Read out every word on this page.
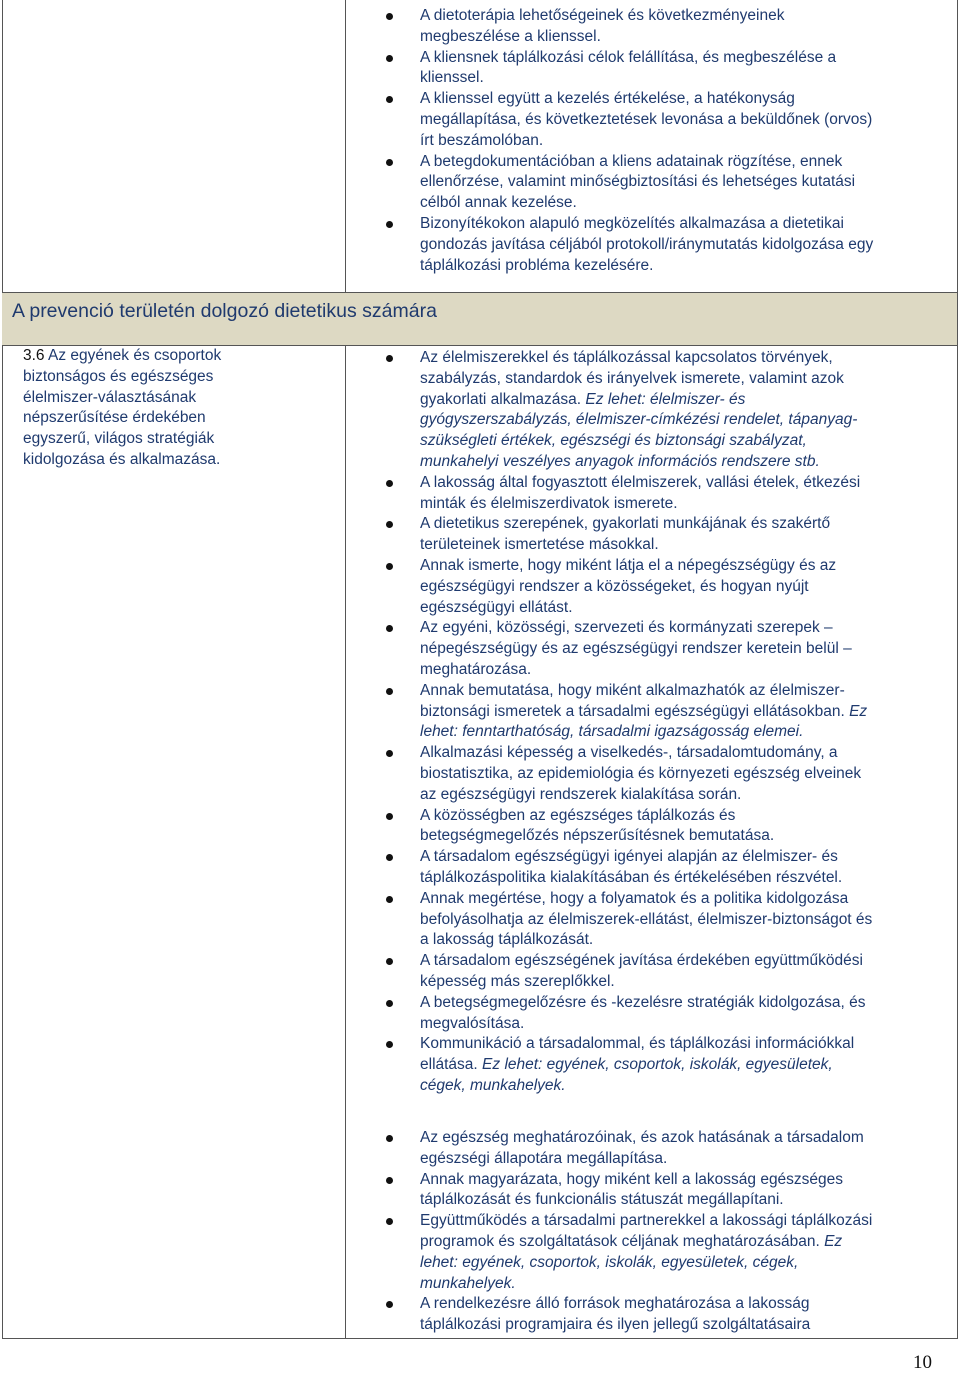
A dietoterápia lehetőségeinek és következményeinek
megbeszélése a klienssel.
A kliensnek táplálkozási célok felállítása, és megbeszélése a
klienssel.
A klienssel együtt a kezelés értékelése, a hatékonyság
megállapítása, és következtetések levonása a beküldőnek (orvos)
írt beszámolóban.
A betegdokumentációban a kliens adatainak rögzítése, ennek
ellenőrzése, valamint minőségbiztosítási és lehetséges kutatási
célból annak kezelése.
Bizonyítékokon alapuló megközelítés alkalmazása a dietetikai
gondozás javítása céljából protokoll/iránymutatás kidolgozása egy
táplálkozási probléma kezelésére.
A prevenció területén dolgozó dietetikus számára
3.6 Az egyének és csoportok
biztonságos és egészséges
élelmiszer-választásának
népszerűsítése érdekében
egyszerű, világos stratégiák
kidolgozása és alkalmazása.
Az élelmiszerekkel és táplálkozással kapcsolatos törvények,
szabályzás, standardok és irányelvek ismerete, valamint azok
gyakorlati alkalmazása. Ez lehet: élelmiszer- és
gyógyszerszabályzás, élelmiszer-címkézési rendelet, tápanyag-
szükségleti értékek, egészségi és biztonsági szabályzat,
munkahelyi veszélyes anyagok információs rendszere stb.
A lakosság által fogyasztott élelmiszerek, vallási ételek, étkezési
minták és élelmiszerdivatok ismerete.
A dietetikus szerepének, gyakorlati munkájának és szakértő
területeinek ismertetése másokkal.
Annak ismerte, hogy miként látja el a népegészségügy és az
egészségügyi rendszer a közösségeket, és hogyan nyújt
egészségügyi ellátást.
Az egyéni, közösségi, szervezeti és kormányzati szerepek –
népegészségügy és az egészségügyi rendszer keretein belül –
meghatározása.
Annak bemutatása, hogy miként alkalmazhatók az élelmiszer-
biztonsági ismeretek a társadalmi egészségügyi ellátásokban. Ez
lehet: fenntarthatóság, társadalmi igazságosság elemei.
Alkalmazási képesség a viselkedés-, társadalomtudomány, a
biostatisztika, az epidemiológia és környezeti egészség elveinek
az egészségügyi rendszerek kialakítása során.
A közösségben az egészséges táplálkozás és
betegségmegelőzés népszerűsítésnek bemutatása.
A társadalom egészségügyi igényei alapján az élelmiszer- és
táplálkozáspolitika kialakításában és értékelésében részvétel.
Annak megértése, hogy a folyamatok és a politika kidolgozása
befolyásolhatja az élelmiszerek-ellátást, élelmiszer-biztonságot és
a lakosság táplálkozását.
A társadalom egészségének javítása érdekében együttműködési
képesség más szereplőkkel.
A betegségmegelőzésre és -kezelésre stratégiák kidolgozása, és
megvalósítása.
Kommunikáció a társadalommal, és táplálkozási információkkal
ellátása. Ez lehet: egyének, csoportok, iskolák, egyesületek,
cégek, munkahelyek.
Az egészség meghatározóinak, és azok hatásának a társadalom
egészségi állapotára megállapítása.
Annak magyarázata, hogy miként kell a lakosság egészséges
táplálkozását és funkcionális státuszát megállapítani.
Együttműködés a társadalmi partnerekkel a lakossági táplálkozási
programok és szolgáltatások céljának meghatározásában. Ez
lehet: egyének, csoportok, iskolák, egyesületek, cégek,
munkahelyek.
A rendelkezésre álló források meghatározása a lakosság
táplálkozási programjaira és ilyen jellegű szolgáltatásaira
10
